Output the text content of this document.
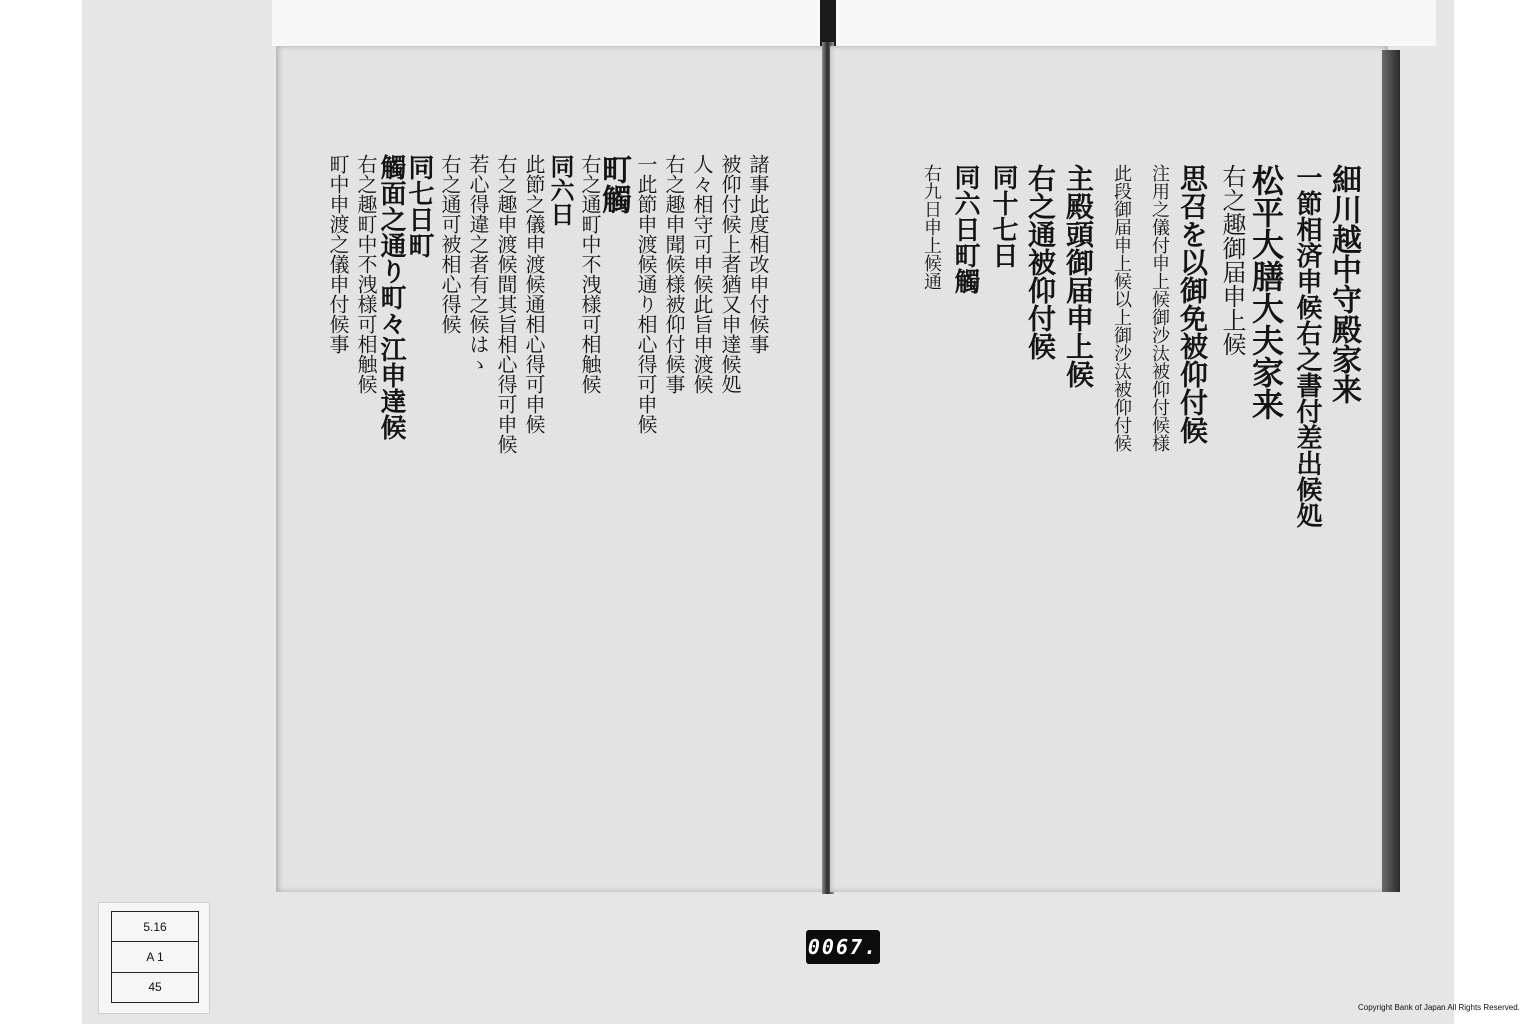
諸事此度相改申付候事
被仰付候上者猶又申達候処
人々相守可申候此旨申渡候
右之趣申聞候様被仰付候事
一此節申渡候通り相心得可申候
町觸
右之通町中不洩様可相触候
同六日
此節之儀申渡候通相心得可申候
右之趣申渡候間其旨相心得可申候
若心得違之者有之候はゝ
右之通可被相心得候
同七日町
觸面之通り町々江申達候
右之趣町中不洩様可相触候
町中申渡之儀申付候事	細川越中守殿家来
一節相済申候右之書付差出候処
松平大膳大夫家来
右之趣御届申上候
思召を以御免被仰付候
注用之儀付申上候御沙汰被仰付候様
此段御届申上候以上御沙汰被仰付候
主殿頭御届申上候
右之通被仰付候
同十七日
同六日町觸
右九日申上候通
5.16
A 1
45
0067.
Copyright Bank of Japan All Rights Reserved.
